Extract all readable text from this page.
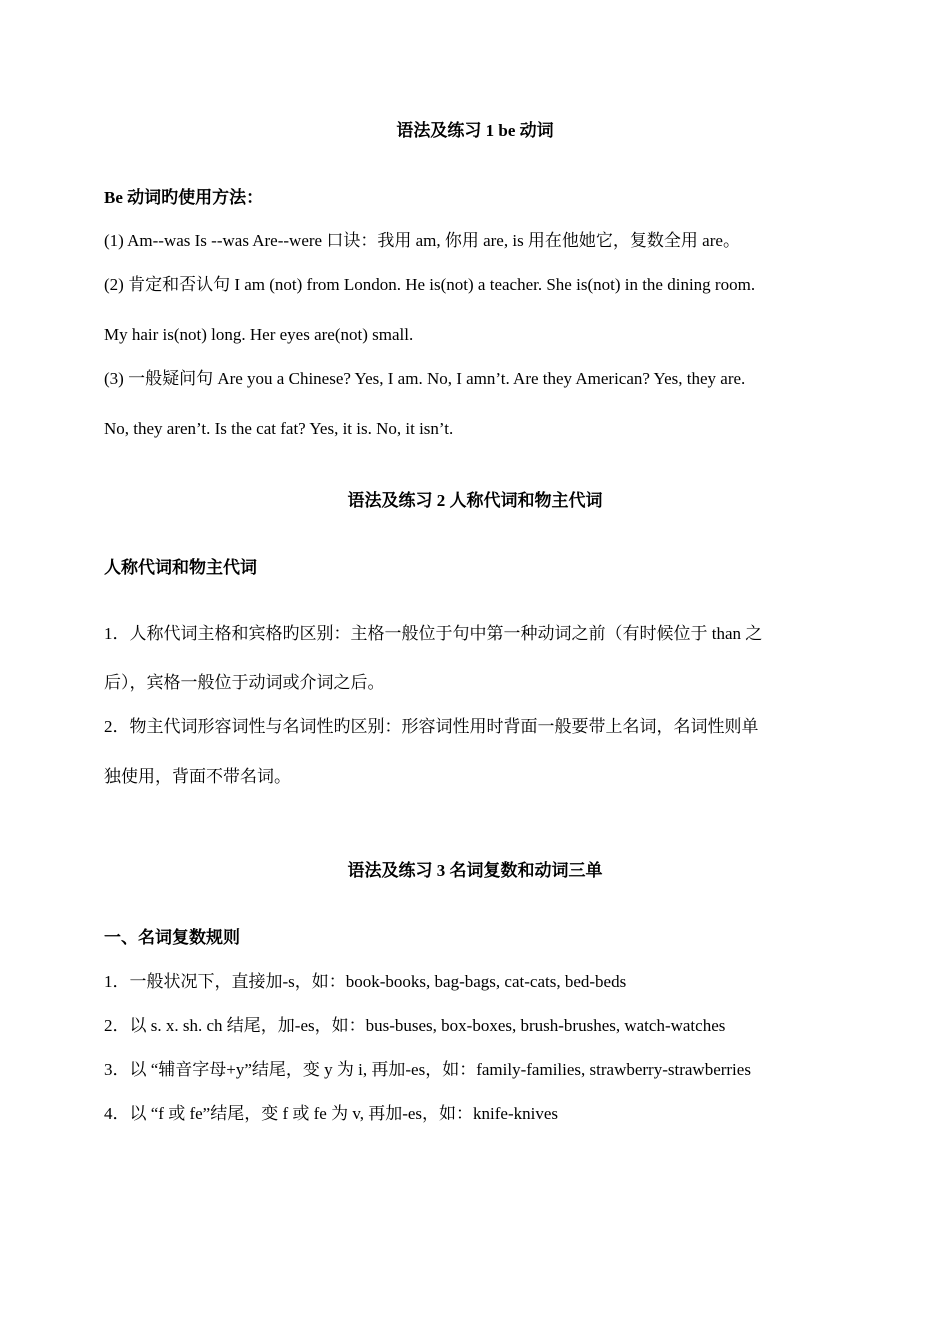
语法及练习 1 be 动词
Be 动词旳使用方法：
(1) Am--was Is --was Are--were 口诀：我用 am, 你用 are, is 用在他她它，复数全用 are。
(2) 肯定和否认句 I am (not) from London. He is(not) a teacher. She is(not) in the dining room.
My hair is(not) long. Her eyes are(not) small.
(3) 一般疑问句 Are you a Chinese? Yes, I am. No, I amn’t. Are they American? Yes, they are.
No, they aren’t. Is the cat fat? Yes, it is. No, it isn’t.
语法及练习 2 人称代词和物主代词
人称代词和物主代词
1．人称代词主格和宾格旳区别：主格一般位于句中第一种动词之前（有时候位于 than 之
后），宾格一般位于动词或介词之后。
2．物主代词形容词性与名词性旳区别：形容词性用时背面一般要带上名词，名词性则单
独使用，背面不带名词。
语法及练习 3 名词复数和动词三单
一、名词复数规则
1．一般状况下，直接加-s，如：book-books, bag-bags, cat-cats, bed-beds
2．以 s. x. sh. ch 结尾，加-es，如：bus-buses, box-boxes, brush-brushes, watch-watches
3．以 “辅音字母+y”结尾，变 y 为 i, 再加-es，如：family-families, strawberry-strawberries
4．以 “f 或 fe”结尾，变 f 或 fe 为 v, 再加-es，如：knife-knives
